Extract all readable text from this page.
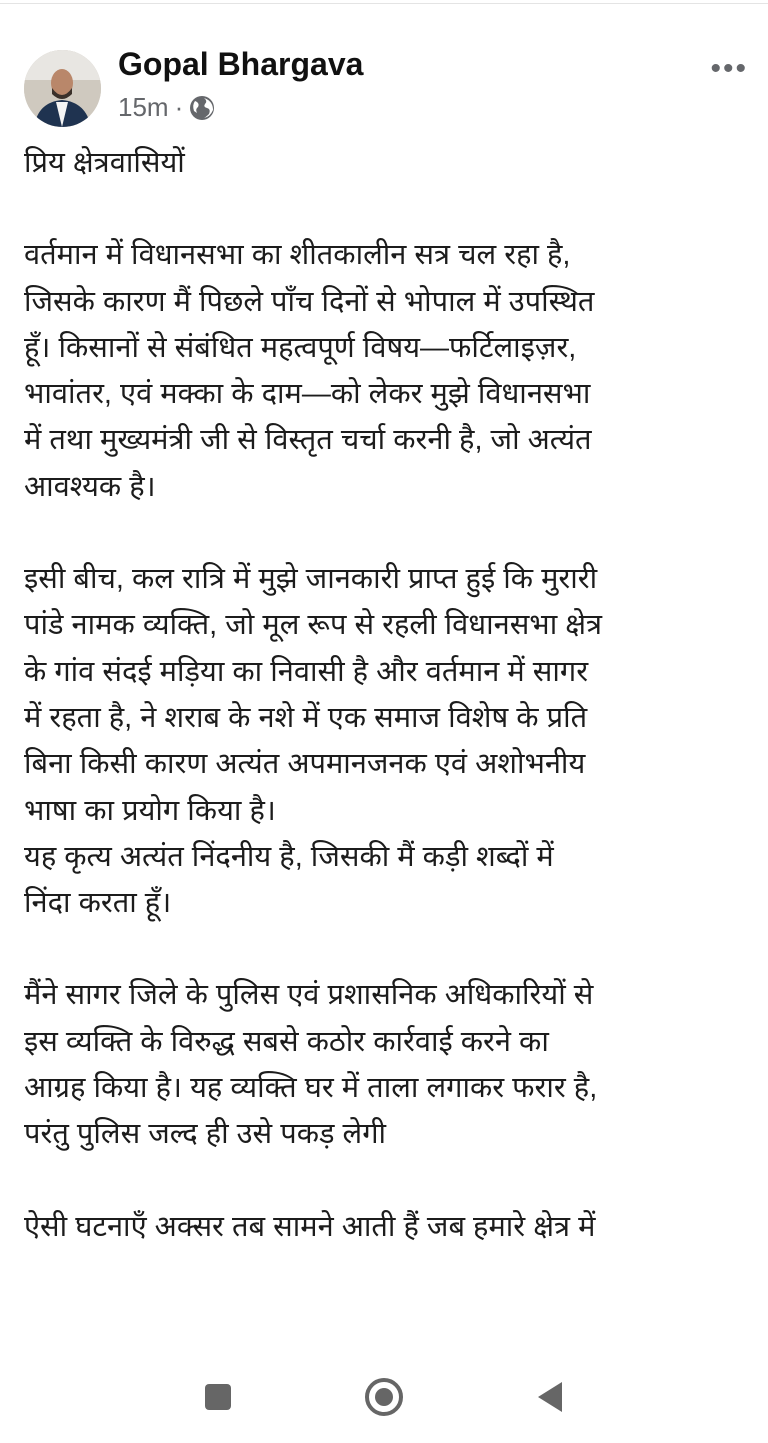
Gopal Bhargava
15m ·
•••
प्रिय क्षेत्रवासियों
वर्तमान में विधानसभा का शीतकालीन सत्र चल रहा है,
जिसके कारण मैं पिछले पाँच दिनों से भोपाल में उपस्थित
हूँ। किसानों से संबंधित महत्वपूर्ण विषय—फर्टिलाइज़र,
भावांतर, एवं मक्का के दाम—को लेकर मुझे विधानसभा
में तथा मुख्यमंत्री जी से विस्तृत चर्चा करनी है, जो अत्यंत
आवश्यक है।
इसी बीच, कल रात्रि में मुझे जानकारी प्राप्त हुई कि मुरारी
पांडे नामक व्यक्ति, जो मूल रूप से रहली विधानसभा क्षेत्र
के गांव संदई मड़िया का निवासी है और वर्तमान में सागर
में रहता है, ने शराब के नशे में एक समाज विशेष के प्रति
बिना किसी कारण अत्यंत अपमानजनक एवं अशोभनीय
भाषा का प्रयोग किया है।
यह कृत्य अत्यंत निंदनीय है, जिसकी मैं कड़ी शब्दों में
निंदा करता हूँ।
मैंने सागर जिले के पुलिस एवं प्रशासनिक अधिकारियों से
इस व्यक्ति के विरुद्ध सबसे कठोर कार्रवाई करने का
आग्रह किया है। यह व्यक्ति घर में ताला लगाकर फरार है,
परंतु पुलिस जल्द ही उसे पकड़ लेगी
ऐसी घटनाएँ अक्सर तब सामने आती हैं जब हमारे क्षेत्र में
